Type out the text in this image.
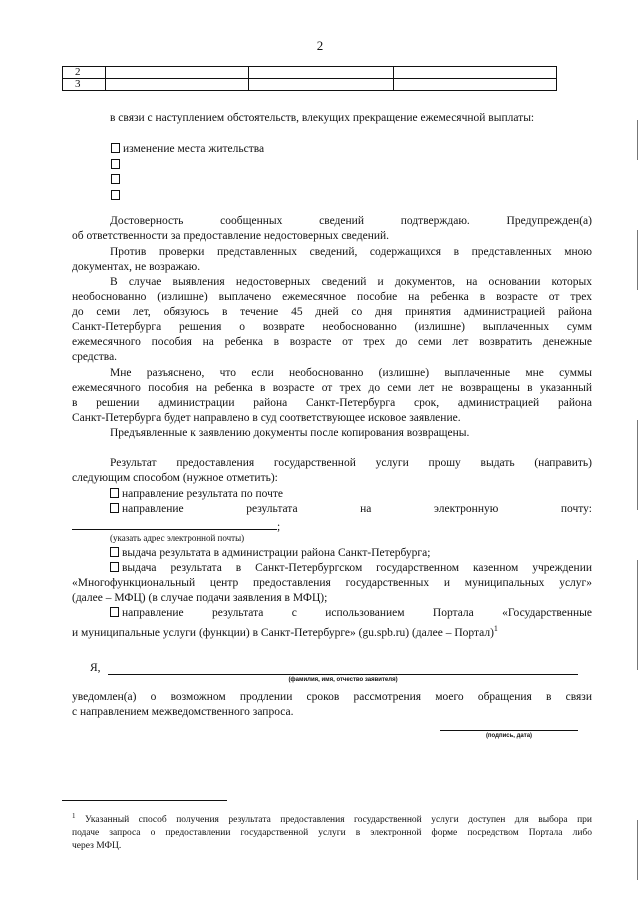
2
2			
3			
в связи с наступлением обстоятельств, влекущих прекращение ежемесячной выплаты:
изменение места жительства
Достоверность сообщенных сведений подтверждаю. Предупрежден(а)
об ответственности за предоставление недостоверных сведений.
Против проверки представленных сведений, содержащихся в представленных мною
документах, не возражаю.
В случае выявления недостоверных сведений и документов, на основании которых
необоснованно (излишне) выплачено ежемесячное пособие на ребенка в возрасте от трех
до семи лет, обязуюсь в течение 45 дней со дня принятия администрацией района
Санкт-Петербурга решения о возврате необоснованно (излишне) выплаченных сумм
ежемесячного пособия на ребенка в возрасте от трех до семи лет возвратить денежные
средства.
Мне разъяснено, что если необоснованно (излишне) выплаченные мне суммы
ежемесячного пособия на ребенка в возрасте от трех до семи лет не возвращены в указанный
в решении администрации района Санкт-Петербурга срок, администрацией района
Санкт-Петербурга будет направлено в суд соответствующее исковое заявление.
Предъявленные к заявлению документы после копирования возвращены.
Результат предоставления государственной услуги прошу выдать (направить)
следующим способом (нужное отметить):
направление результата по почте
направление	результата	на	электронную	почту:
;
(указать адрес электронной почты)
выдача результата в администрации района Санкт-Петербурга;
выдача результата в Санкт-Петербургском государственном казенном учреждении
«Многофункциональный центр предоставления государственных и муниципальных услуг»
(далее – МФЦ) (в случае подачи заявления в МФЦ);
направление результата с использованием Портала «Государственные
и муниципальные услуги (функции) в Санкт-Петербурге» (gu.spb.ru) (далее – Портал)$^1$
Я,
(фамилия, имя, отчество заявителя)
уведомлен(а) о возможном продлении сроков рассмотрения моего обращения в связи
с направлением межведомственного запроса.
(подпись, дата)
$^1$ Указанный способ получения результата предоставления государственной услуги доступен для выбора при
подаче запроса о предоставлении государственной услуги в электронной форме посредством Портала либо
через МФЦ.
